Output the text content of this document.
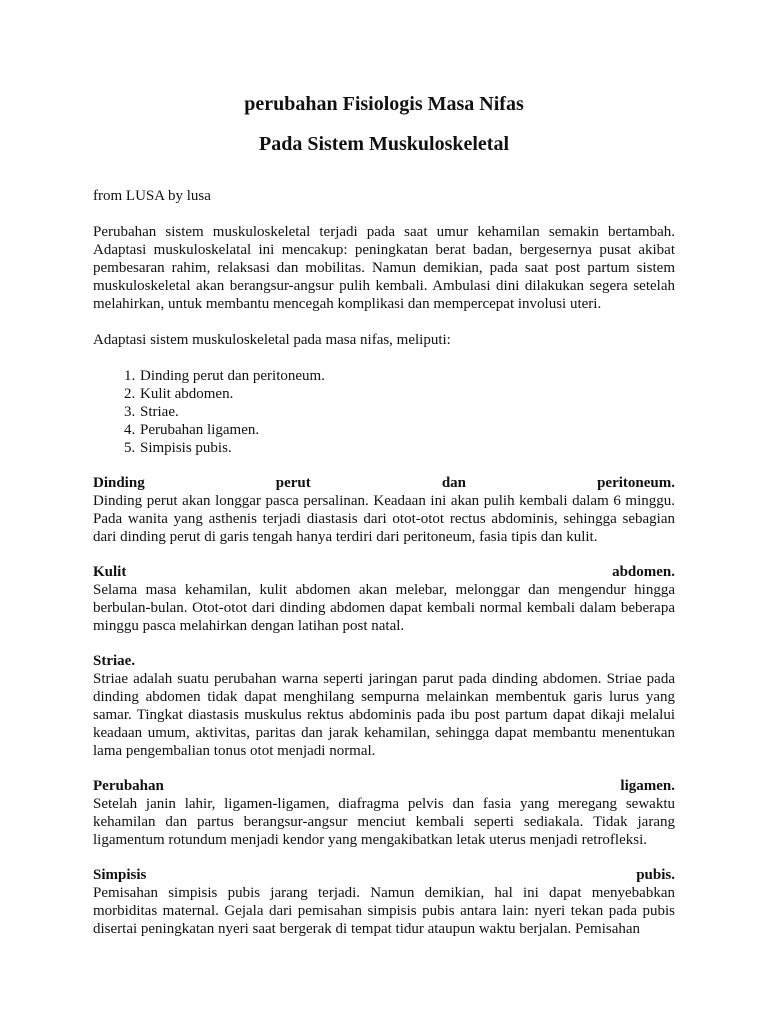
perubahan Fisiologis Masa Nifas
Pada Sistem Muskuloskeletal

from LUSA by lusa

Perubahan sistem muskuloskeletal terjadi pada saat umur kehamilan semakin bertambah. Adaptasi muskuloskelatal ini mencakup: peningkatan berat badan, bergesernya pusat akibat pembesaran rahim, relaksasi dan mobilitas. Namun demikian, pada saat post partum sistem muskuloskeletal akan berangsur-angsur pulih kembali. Ambulasi dini dilakukan segera setelah melahirkan, untuk membantu mencegah komplikasi dan mempercepat involusi uteri.

Adaptasi sistem muskuloskeletal pada masa nifas, meliputi:

1. Dinding perut dan peritoneum.
2. Kulit abdomen.
3. Striae.
4. Perubahan ligamen.
5. Simpisis pubis.
Dinding	perut	dan	peritoneum.

Dinding perut akan longgar pasca persalinan. Keadaan ini akan pulih kembali dalam 6 minggu. Pada wanita yang asthenis terjadi diastasis dari otot-otot rectus abdominis, sehingga sebagian dari dinding perut di garis tengah hanya terdiri dari peritoneum, fasia tipis dan kulit.

Kulit	abdomen.

Selama masa kehamilan, kulit abdomen akan melebar, melonggar dan mengendur hingga berbulan-bulan. Otot-otot dari dinding abdomen dapat kembali normal kembali dalam beberapa minggu pasca melahirkan dengan latihan post natal.

Striae.

Striae adalah suatu perubahan warna seperti jaringan parut pada dinding abdomen. Striae pada dinding abdomen tidak dapat menghilang sempurna melainkan membentuk garis lurus yang samar. Tingkat diastasis muskulus rektus abdominis pada ibu post partum dapat dikaji melalui keadaan umum, aktivitas, paritas dan jarak kehamilan, sehingga dapat membantu menentukan lama pengembalian tonus otot menjadi normal.

Perubahan	ligamen.

Setelah janin lahir, ligamen-ligamen, diafragma pelvis dan fasia yang meregang sewaktu kehamilan dan partus berangsur-angsur menciut kembali seperti sediakala. Tidak jarang ligamentum rotundum menjadi kendor yang mengakibatkan letak uterus menjadi retrofleksi.

Simpisis	pubis.

Pemisahan simpisis pubis jarang terjadi. Namun demikian, hal ini dapat menyebabkan morbiditas maternal. Gejala dari pemisahan simpisis pubis antara lain: nyeri tekan pada pubis disertai peningkatan nyeri saat bergerak di tempat tidur ataupun waktu berjalan. Pemisahan
